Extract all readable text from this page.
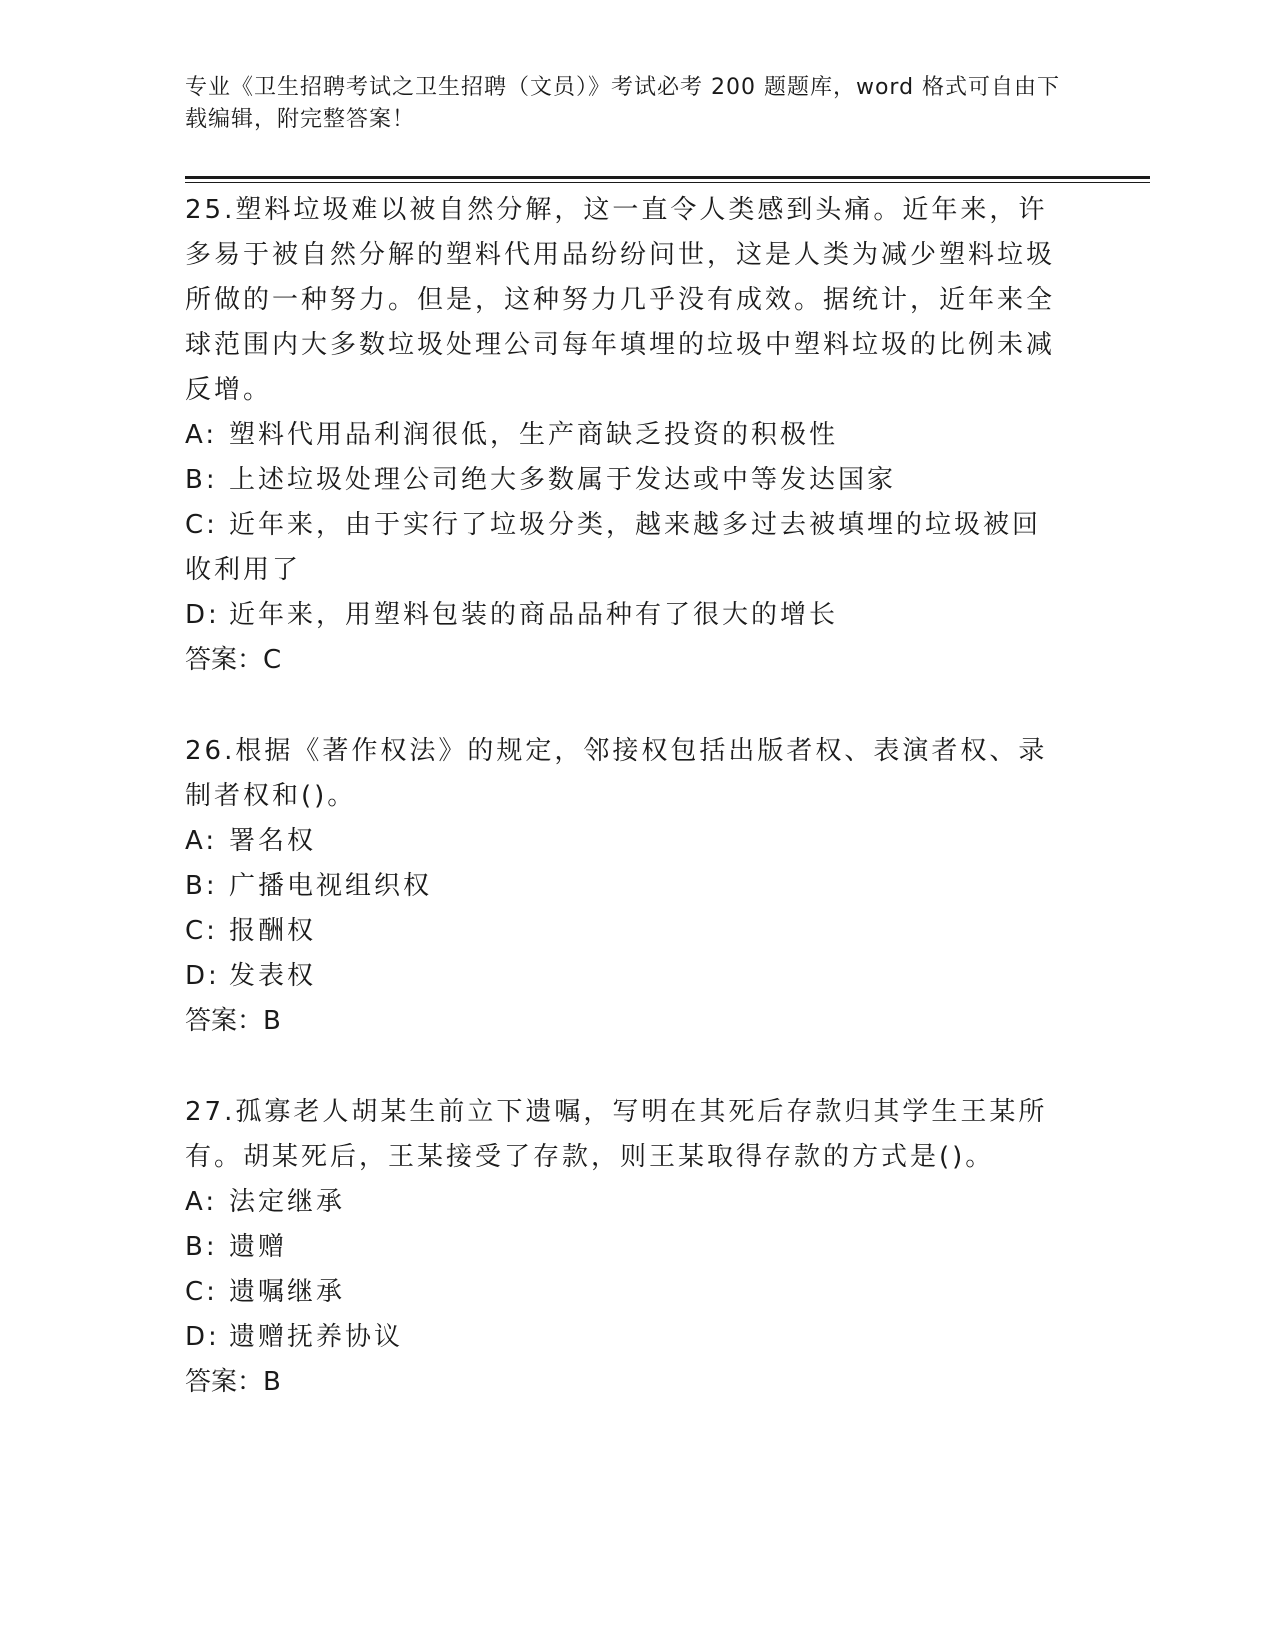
专业《卫生招聘考试之卫生招聘（文员）》考试必考 200 题题库，word 格式可自由下载编辑，附完整答案！

25.塑料垃圾难以被自然分解，这一直令人类感到头痛。近年来，许多易于被自然分解的塑料代用品纷纷问世，这是人类为减少塑料垃圾所做的一种努力。但是，这种努力几乎没有成效。据统计，近年来全球范围内大多数垃圾处理公司每年填埋的垃圾中塑料垃圾的比例未减反增。

A: 塑料代用品利润很低，生产商缺乏投资的积极性

B: 上述垃圾处理公司绝大多数属于发达或中等发达国家

C: 近年来，由于实行了垃圾分类，越来越多过去被填埋的垃圾被回收利用了

D: 近年来，用塑料包装的商品品种有了很大的增长

答案：C

26.根据《著作权法》的规定，邻接权包括出版者权、表演者权、录制者权和()。

A: 署名权

B: 广播电视组织权

C: 报酬权

D: 发表权

答案：B

27.孤寡老人胡某生前立下遗嘱，写明在其死后存款归其学生王某所有。胡某死后，王某接受了存款，则王某取得存款的方式是()。

A: 法定继承

B: 遗赠

C: 遗嘱继承

D: 遗赠抚养协议

答案：B
